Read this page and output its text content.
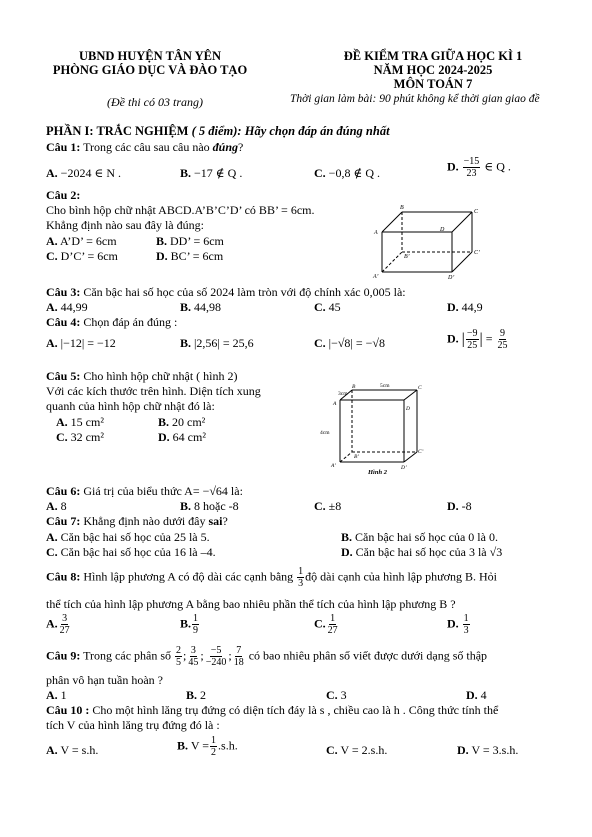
UBND HUYỆN TÂN YÊN
PHÒNG GIÁO DỤC VÀ ĐÀO TẠO
(Đề thi có 03 trang)
ĐỀ KIỂM TRA GIỮA HỌC KÌ 1
NĂM HỌC 2024-2025
MÔN TOÁN 7
Thời gian làm bài: 90 phút không kể thời gian giao đề
PHẦN I: TRẮC NGHIỆM ( 5 điểm): Hãy chọn đáp án đúng nhất
Câu 1: Trong các câu sau câu nào đúng?
A. −2024 ∈ N .	B. −17 ∉ Q .	C. −0,8 ∉ Q .	D. $\frac{-15}{23}$ ∈ Q .
Câu 2:
Cho bình hộp chữ nhật ABCD.A’B’C’D’ có BB’ = 6cm.
Khẳng định nào sau đây là đúng:
A. A’D’ = 6cm	B. DD’ = 6cm
C. D’C’ = 6cm	D. BC’ = 6cm
B
C
A	D
B’
C’
A’	D’
Câu 3: Căn bậc hai số học của số 2024 làm tròn với độ chính xác 0,005 là:
A. 44,99	B. 44,98	C. 45	D. 44,9
Câu 4: Chọn đáp án đúng :
A. |−12| = −12	B. |2,56| = 25,6	C. |−√8| = −√8	D. | $\frac{-9}{25}$ | = $\frac{9}{25}$
Câu 5: Cho hình hộp chữ nhật ( hình 2)
Với các kích thước trên hình. Diện tích xung
quanh của hình hộp chữ nhật đó là:
A. 15 cm²	B. 20 cm²
C. 32 cm²	D. 64 cm²
3cm
B	5cm	C
A
D
4cm
B’
C’
A’	D’
Hình 2
Câu 6: Giá trị của biểu thức A= −√64 là:
A. 8	B. 8 hoặc -8	C. ±8	D. -8
Câu 7: Khẳng định nào dưới đây sai?
A. Căn bậc hai số học của 25 là 5.	B. Căn bậc hai số học của 0 là 0.
C. Căn bậc hai số học của 16 là –4.	D. Căn bậc hai số học của 3 là √3
Câu 8: Hình lập phương A có độ dài các cạnh bằng $\frac{1}{3}$ độ dài cạnh của hình lập phương B. Hỏi
thể tích của hình lập phương A bằng bao nhiêu phần thể tích của hình lập phương B ?
A. $\frac{3}{27}$	B. $\frac{1}{9}$	C. $\frac{1}{27}$	D. $\frac{1}{3}$
Câu 9: Trong các phân số $\frac{2}{5}$ ; $\frac{3}{45}$ ; $\frac{-5}{-240}$ ; $\frac{7}{18}$ có bao nhiêu phân số viết được dưới dạng số thập
phân vô hạn tuần hoàn ?
A. 1	B. 2	C. 3	D. 4
Câu 10 : Cho một hình lăng trụ đứng có diện tích đáy là s , chiều cao là h . Công thức tính thể
tích V của hình lăng trụ đứng đó là :
A. V = s.h.	B. $V = \frac{1}{2} .s.h$.	C. V = 2.s.h.	D. V = 3.s.h.
